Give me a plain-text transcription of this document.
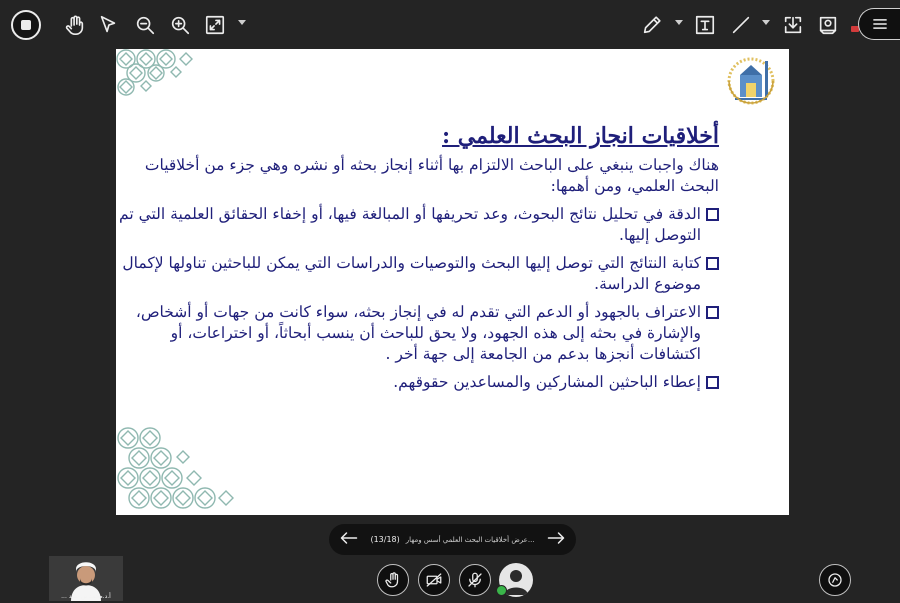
أخلاقيات انجاز البحث العلمي :
هناك واجبات ينبغي على الباحث الالتزام بها أثناء إنجاز بحثه أو نشره وهي جزء من أخلاقيات البحث العلمي، ومن أهمها:
الدقة في تحليل نتائج البحوث، وعد تحريفها أو المبالغة فيها، أو إخفاء الحقائق العلمية التي تم التوصل إليها.
كتابة النتائج التي توصل إليها البحث والتوصيات والدراسات التي يمكن للباحثين تناولها لإكمال موضوع الدراسة.
الاعتراف بالجهود أو الدعم التي تقدم له في إنجاز بحثه، سواء كانت من جهات أو أشخاص، والإشارة في بحثه إلى هذه الجهود، ولا يحق للباحث أن ينسب أبحاثاً، أو اختراعات، أو اكتشافات أنجزها بدعم من الجامعة إلى جهة أخر .
إعطاء الباحثين المشاركين والمساعدين حقوقهم.
(13/18) عرض أخلاقيات البحث العلمي أسس ومهار...
أ.د.محمد بن نشد ...
